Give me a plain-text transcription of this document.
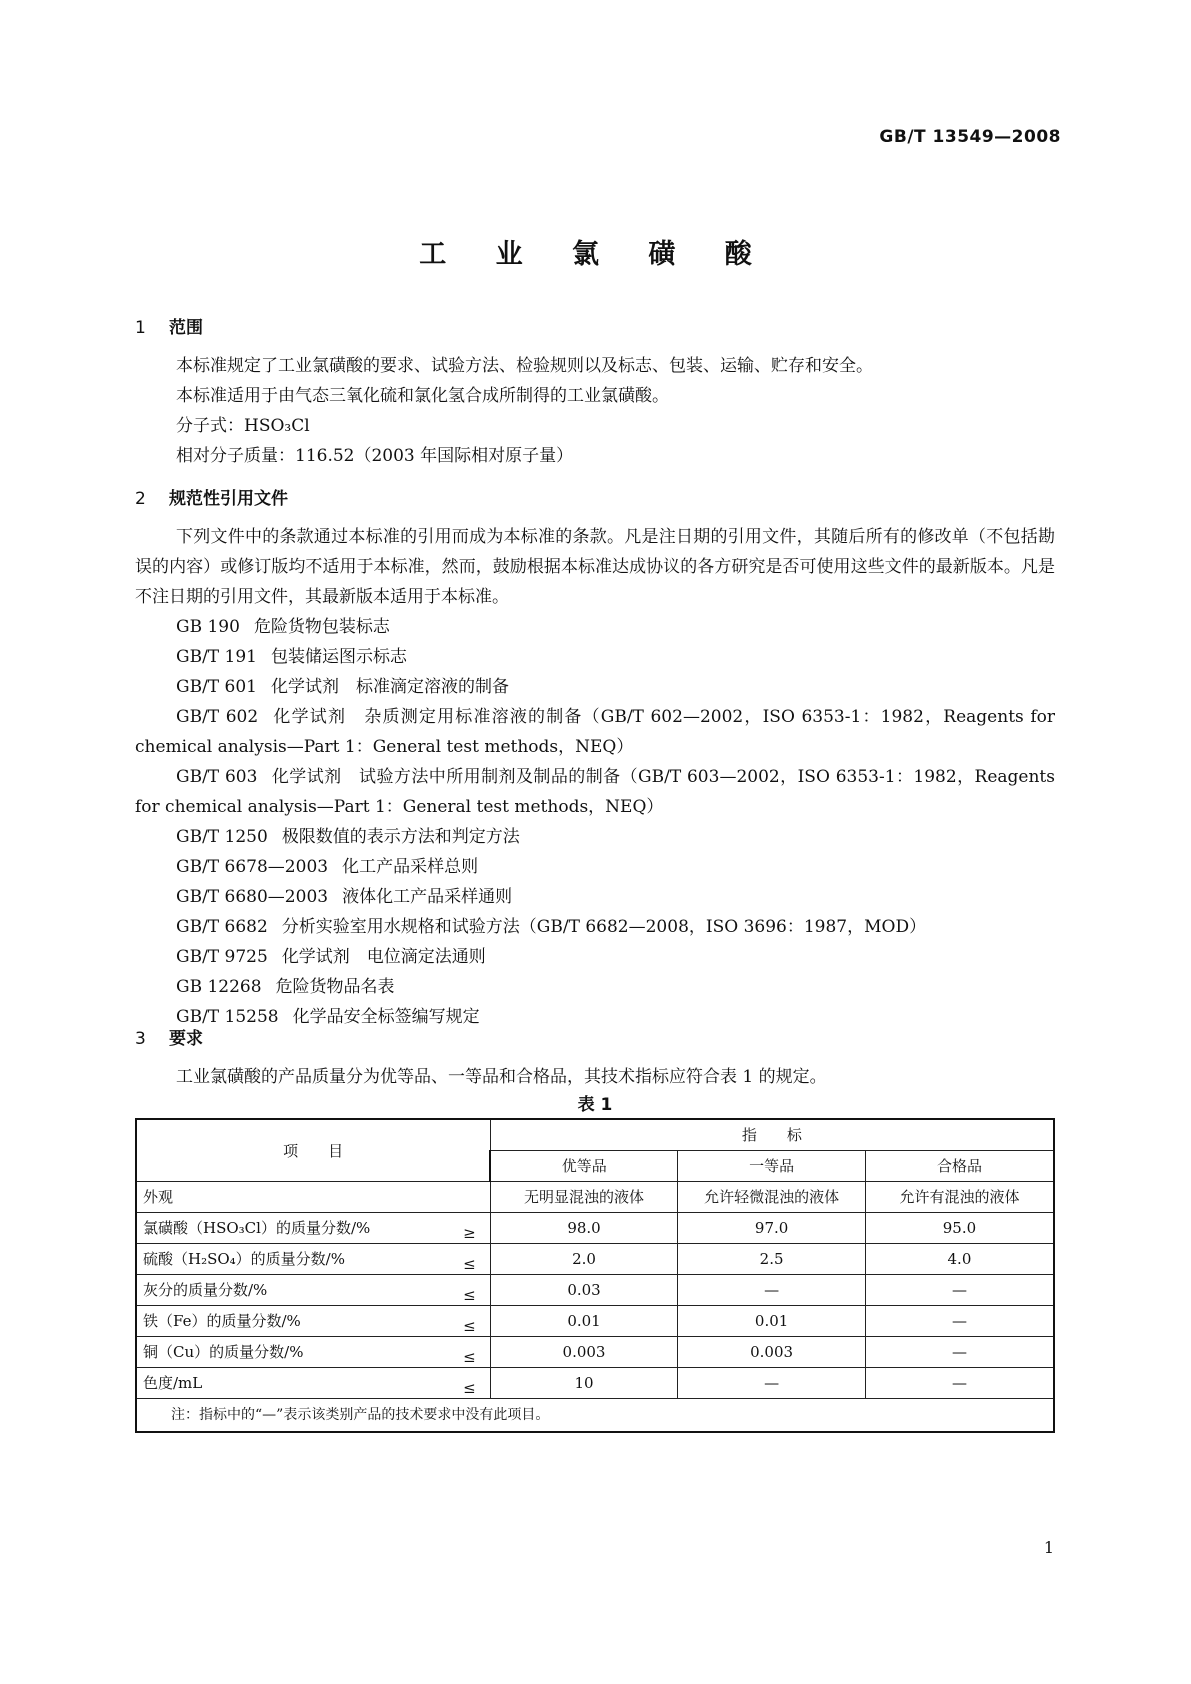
GB/T 13549—2008
工 业 氯 磺 酸

1 范围

本标准规定了工业氯磺酸的要求、试验方法、检验规则以及标志、包装、运输、贮存和安全。

本标准适用于由气态三氧化硫和氯化氢合成所制得的工业氯磺酸。

分子式：HSO₃Cl

相对分子质量：116.52（2003 年国际相对原子量）

2 规范性引用文件

下列文件中的条款通过本标准的引用而成为本标准的条款。凡是注日期的引用文件，其随后所有的修改单（不包括勘误的内容）或修订版均不适用于本标准，然而，鼓励根据本标准达成协议的各方研究是否可使用这些文件的最新版本。凡是不注日期的引用文件，其最新版本适用于本标准。

GB 190 危险货物包装标志

GB/T 191 包装储运图示标志

GB/T 601 化学试剂　标准滴定溶液的制备

GB/T 602 化学试剂　杂质测定用标准溶液的制备（GB/T 602—2002，ISO 6353-1：1982，Reagents for chemical analysis—Part 1：General test methods，NEQ）

GB/T 603 化学试剂　试验方法中所用制剂及制品的制备（GB/T 603—2002，ISO 6353-1：1982，Reagents for chemical analysis—Part 1：General test methods，NEQ）

GB/T 1250 极限数值的表示方法和判定方法

GB/T 6678—2003 化工产品采样总则

GB/T 6680—2003 液体化工产品采样通则

GB/T 6682 分析实验室用水规格和试验方法（GB/T 6682—2008，ISO 3696：1987，MOD）

GB/T 9725 化学试剂　电位滴定法通则

GB 12268 危险货物品名表

GB/T 15258 化学品安全标签编写规定

3 要求

工业氯磺酸的产品质量分为优等品、一等品和合格品，其技术指标应符合表 1 的规定。

表 1

项　　目	指　　标		
	优等品	一等品	合格品
外观	无明显混浊的液体	允许轻微混浊的液体	允许有混浊的液体
氯磺酸（HSO₃Cl）的质量分数/% ≥	98.0	97.0	95.0
硫酸（H₂SO₄）的质量分数/% ≤	2.0	2.5	4.0
灰分的质量分数/% ≤	0.03	—	—
铁（Fe）的质量分数/% ≤	0.01	0.01	—
铜（Cu）的质量分数/% ≤	0.003	0.003	—
色度/mL ≤	10	—	—
注：指标中的“—”表示该类别产品的技术要求中没有此项目。			
1
